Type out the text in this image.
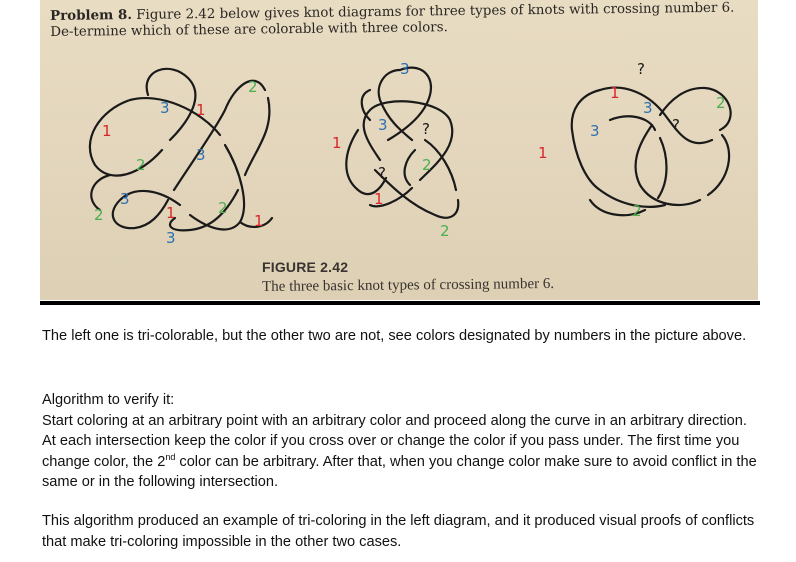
Problem 8. Figure 2.42 below gives knot diagrams for three types of knots with crossing number 6. De-termine which of these are colorable with three colors.
1
3 1
2
2
3
3
2	1	2
3
1
3
1
3 ?
? 2
1
2
?
1
3
1
3	?
2
2
FIGURE 2.42
The three basic knot types of crossing number 6.
The left one is tri-colorable, but the other two are not, see colors designated by numbers in the picture above.
Algorithm to verify it:
Start coloring at an arbitrary point with an arbitrary color and proceed along the curve in an arbitrary direction. At each intersection keep the color if you cross over or change the color if you pass under. The first time you change color, the 2nd color can be arbitrary. After that, when you change color make sure to avoid conflict in the same or in the following intersection.
This algorithm produced an example of tri-coloring in the left diagram, and it produced visual proofs of conflicts that make tri-coloring impossible in the other two cases.
